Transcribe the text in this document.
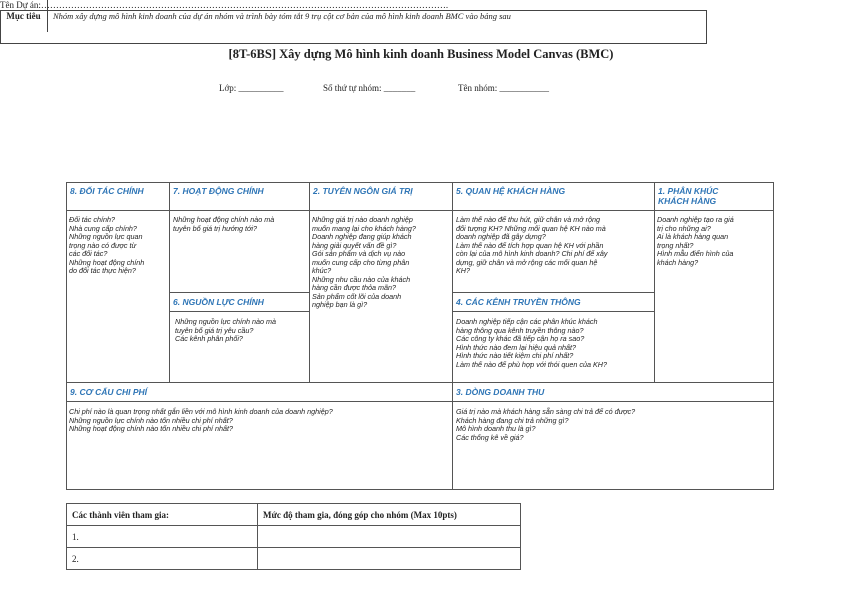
[8T-6BS] Xây dựng Mô hình kinh doanh Business Model Canvas (BMC)
Lớp: __________	Số thứ tự nhóm: _______	Tên nhóm: ___________
Tên Dự án:……………………………………………………………………………………………………………………….
Mục tiêu	Nhóm xây dựng mô hình kinh doanh của dự án nhóm và trình bày tóm tắt 9 trụ cột cơ bản của mô hình kinh doanh BMC vào bảng sau
8. ĐỐI TÁC CHÍNH
Đối tác chính?
Nhà cung cấp chính?
Những nguồn lực quan
trọng nào có được từ
các đối tác?
Những hoạt động chính
do đối tác thực hiện?
7. HOẠT ĐỘNG CHÍNH
Những hoạt động chính nào mà
tuyên bố giá trị hướng tới?
6. NGUỒN LỰC CHÍNH
Những nguồn lực chính nào mà
tuyên bố giá trị yêu cầu?
Các kênh phân phối?
2. TUYÊN NGÔN GIÁ TRỊ
Những giá trị nào doanh nghiệp
muốn mang lại cho khách hàng?
Doanh nghiệp đang giúp khách
hàng giải quyết vấn đề gì?
Gói sản phẩm và dịch vụ nào
muốn cung cấp cho từng phân
khúc?
Những nhu cầu nào của khách
hàng cần được thỏa mãn?
Sản phẩm cốt lõi của doanh
nghiệp bạn là gì?
5. QUAN HỆ KHÁCH HÀNG
Làm thế nào để thu hút, giữ chân và mở rộng
đối tượng KH? Những mối quan hệ KH nào mà
doanh nghiệp đã gây dựng?
Làm thế nào để tích hợp quan hệ KH với phần
còn lại của mô hình kinh doanh? Chi phí để xây
dựng, giữ chân và mở rộng các mối quan hệ
KH?
4. CÁC KÊNH TRUYỀN THÔNG
Doanh nghiệp tiếp cận các phân khúc khách
hàng thông qua kênh truyền thông nào?
Các công ty khác đã tiếp cận họ ra sao?
Hình thức nào đem lại hiệu quả nhất?
Hình thức nào tiết kiệm chi phí nhất?
Làm thế nào để phù hợp với thói quen của KH?
1. PHÂN KHÚC
KHÁCH HÀNG
Doanh nghiệp tạo ra giá
trị cho những ai?
Ai là khách hàng quan
trọng nhất?
Hình mẫu điển hình của
khách hàng?
9. CƠ CẤU CHI PHÍ
Chi phí nào là quan trọng nhất gắn liền với mô hình kinh doanh của doanh nghiệp?
Những nguồn lực chính nào tốn nhiều chi phí nhất?
Những hoạt động chính nào tốn nhiều chi phí nhất?
3. DÒNG DOANH THU
Giá trị nào mà khách hàng sẵn sàng chi trả để có được?
Khách hàng đang chi trả những gì?
Mô hình doanh thu là gì?
Các thống kê về giá?
Các thành viên tham gia:	Mức độ tham gia, đóng góp cho nhóm (Max 10pts)
1.	
2.	
